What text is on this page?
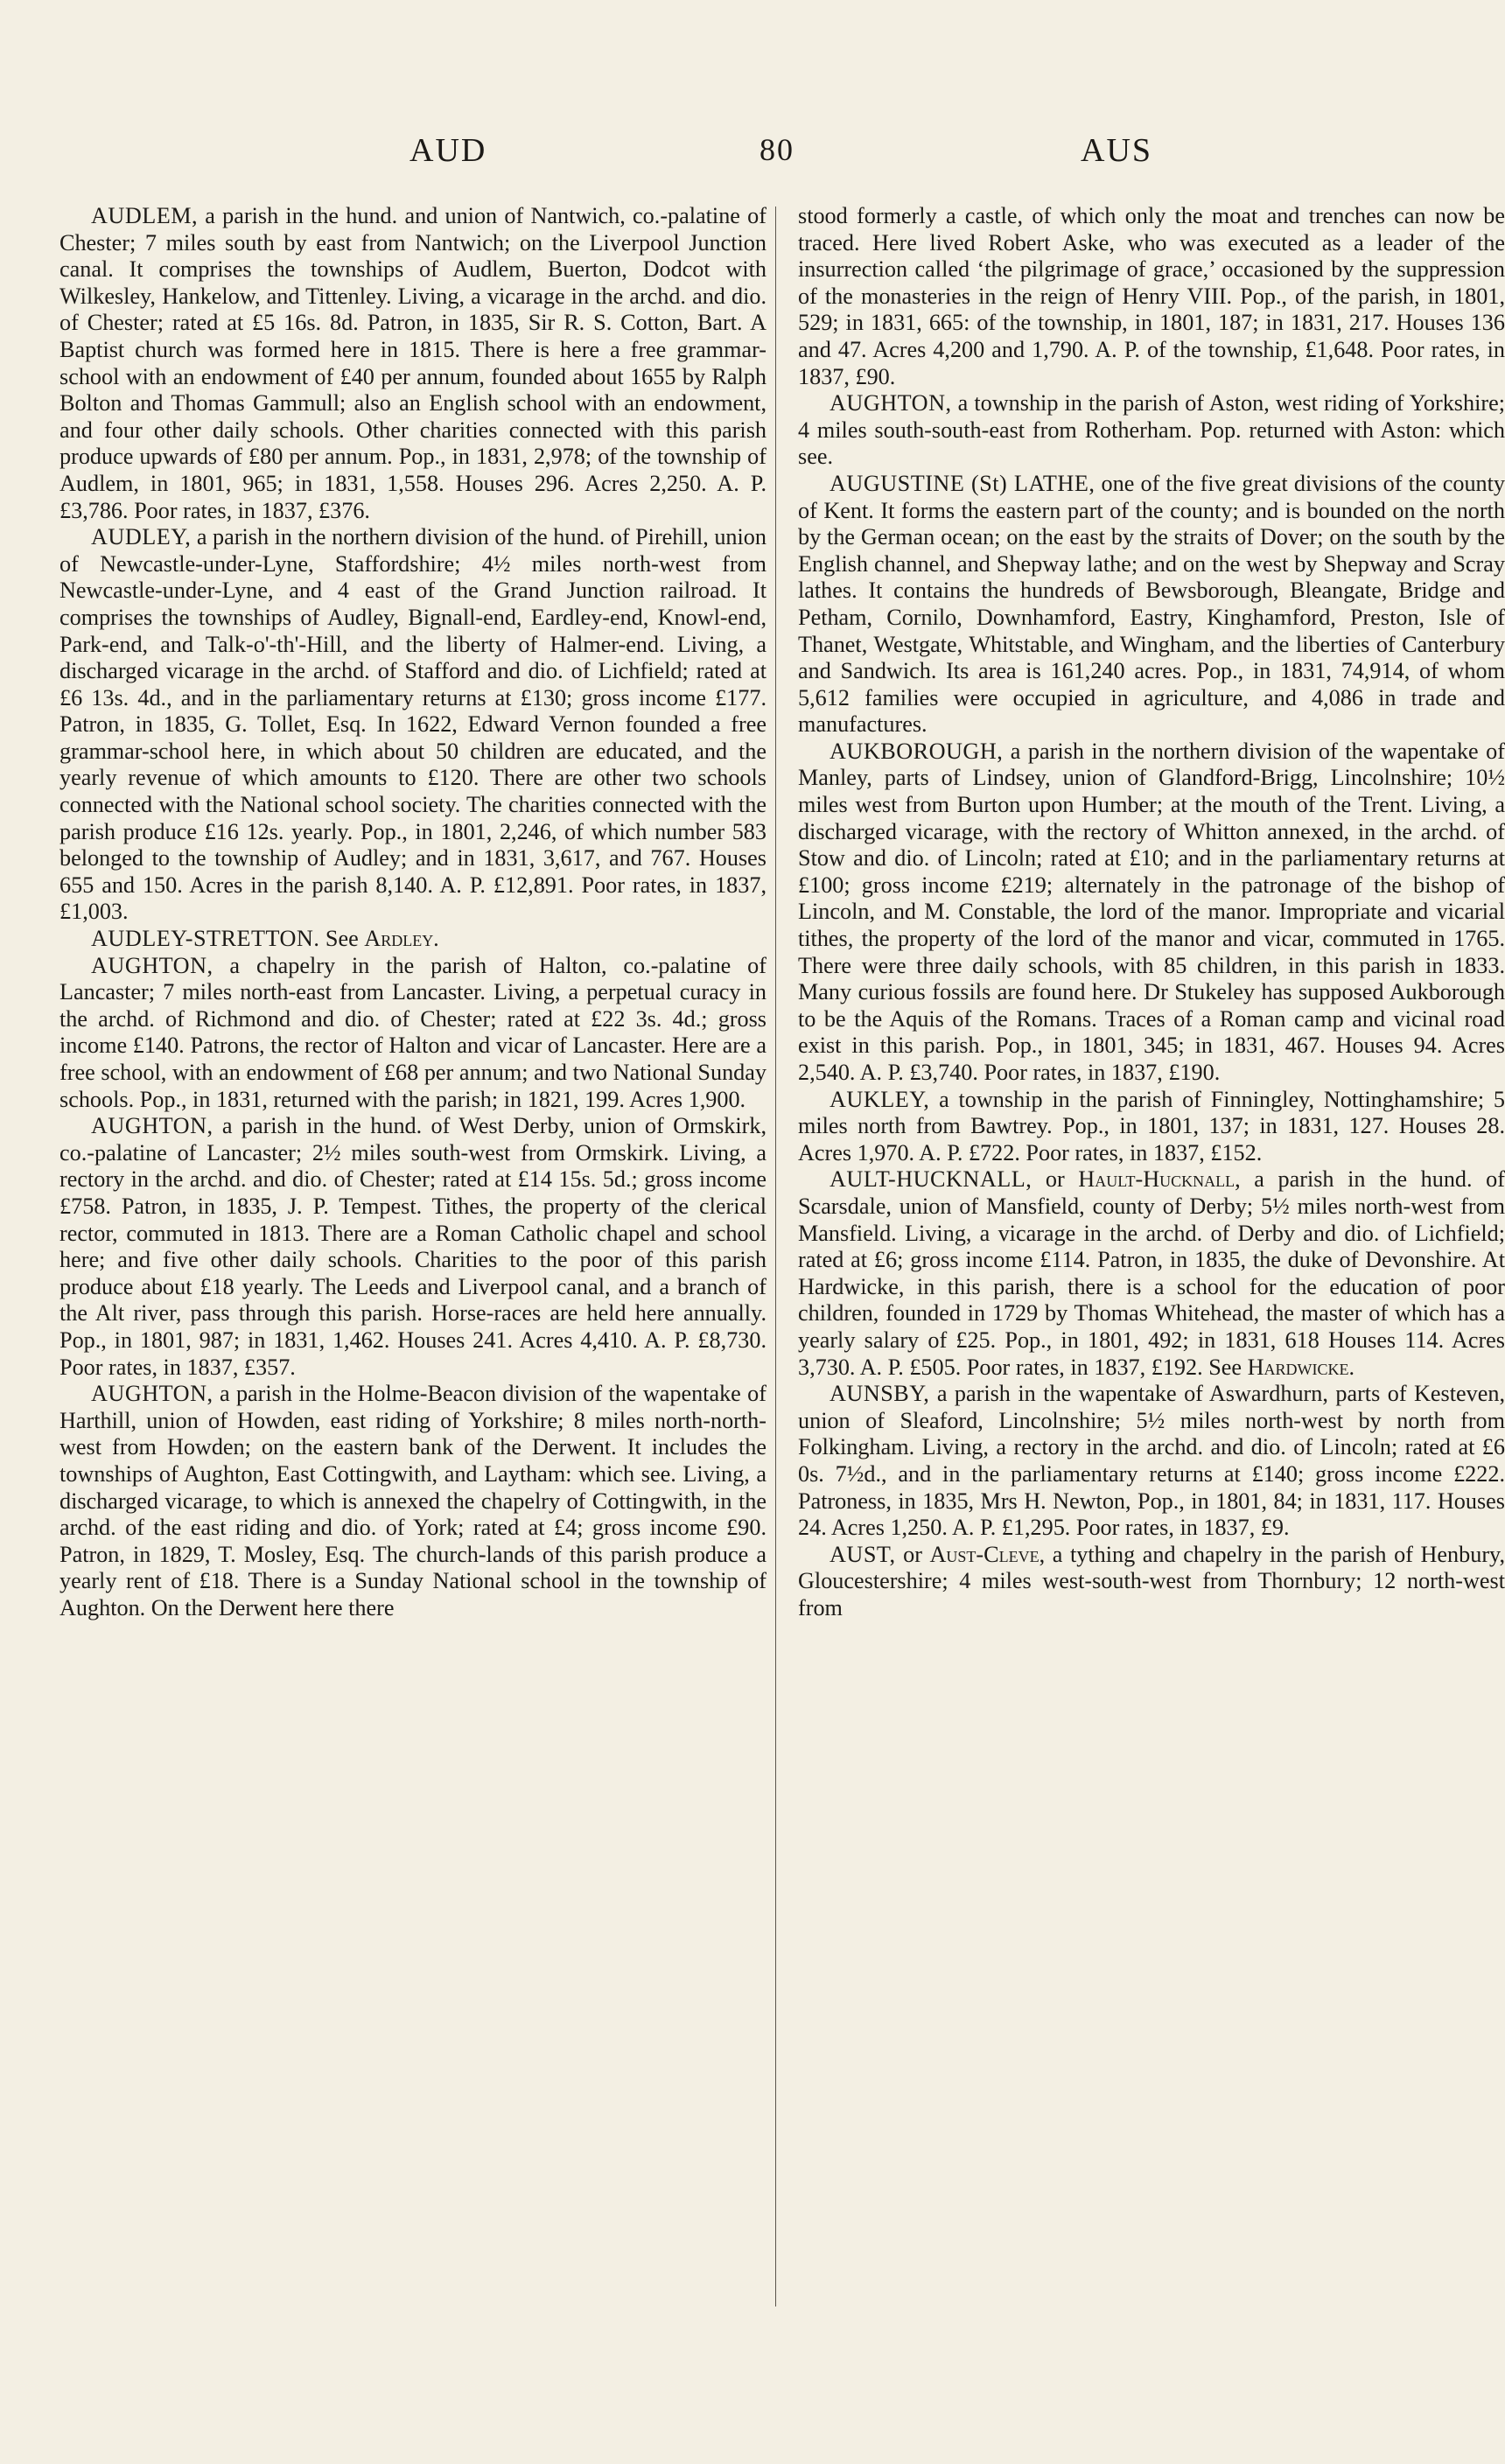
AUD	80	AUS

AUDLEM, a parish in the hund. and union of Nantwich, co.-palatine of Chester; 7 miles south by east from Nantwich; on the Liverpool Junction canal. It comprises the townships of Audlem, Buerton, Dodcot with Wilkesley, Hankelow, and Tittenley. Living, a vicarage in the archd. and dio. of Chester; rated at £5 16s. 8d. Patron, in 1835, Sir R. S. Cotton, Bart. A Baptist church was formed here in 1815. There is here a free grammar-school with an endowment of £40 per annum, founded about 1655 by Ralph Bolton and Thomas Gammull; also an English school with an endowment, and four other daily schools. Other charities connected with this parish produce upwards of £80 per annum. Pop., in 1831, 2,978; of the township of Audlem, in 1801, 965; in 1831, 1,558. Houses 296. Acres 2,250. A. P. £3,786. Poor rates, in 1837, £376.

AUDLEY, a parish in the northern division of the hund. of Pirehill, union of Newcastle-under-Lyne, Staffordshire; 4½ miles north-west from Newcastle-under-Lyne, and 4 east of the Grand Junction railroad. It comprises the townships of Audley, Bignall-end, Eardley-end, Knowl-end, Park-end, and Talk-o'-th'-Hill, and the liberty of Halmer-end. Living, a discharged vicarage in the archd. of Stafford and dio. of Lichfield; rated at £6 13s. 4d., and in the parliamentary returns at £130; gross income £177. Patron, in 1835, G. Tollet, Esq. In 1622, Edward Vernon founded a free grammar-school here, in which about 50 children are educated, and the yearly revenue of which amounts to £120. There are other two schools connected with the National school society. The charities connected with the parish produce £16 12s. yearly. Pop., in 1801, 2,246, of which number 583 belonged to the township of Audley; and in 1831, 3,617, and 767. Houses 655 and 150. Acres in the parish 8,140. A. P. £12,891. Poor rates, in 1837, £1,003.

AUDLEY-STRETTON. See Ardley.

AUGHTON, a chapelry in the parish of Halton, co.-palatine of Lancaster; 7 miles north-east from Lancaster. Living, a perpetual curacy in the archd. of Richmond and dio. of Chester; rated at £22 3s. 4d.; gross income £140. Patrons, the rector of Halton and vicar of Lancaster. Here are a free school, with an endowment of £68 per annum; and two National Sunday schools. Pop., in 1831, returned with the parish; in 1821, 199. Acres 1,900.

AUGHTON, a parish in the hund. of West Derby, union of Ormskirk, co.-palatine of Lancaster; 2½ miles south-west from Ormskirk. Living, a rectory in the archd. and dio. of Chester; rated at £14 15s. 5d.; gross income £758. Patron, in 1835, J. P. Tempest. Tithes, the property of the clerical rector, commuted in 1813. There are a Roman Catholic chapel and school here; and five other daily schools. Charities to the poor of this parish produce about £18 yearly. The Leeds and Liverpool canal, and a branch of the Alt river, pass through this parish. Horse-races are held here annually. Pop., in 1801, 987; in 1831, 1,462. Houses 241. Acres 4,410. A. P. £8,730. Poor rates, in 1837, £357.

AUGHTON, a parish in the Holme-Beacon division of the wapentake of Harthill, union of Howden, east riding of Yorkshire; 8 miles north-north-west from Howden; on the eastern bank of the Derwent. It includes the townships of Aughton, East Cottingwith, and Laytham: which see. Living, a discharged vicarage, to which is annexed the chapelry of Cottingwith, in the archd. of the east riding and dio. of York; rated at £4; gross income £90. Patron, in 1829, T. Mosley, Esq. The church-lands of this parish produce a yearly rent of £18. There is a Sunday National school in the township of Aughton. On the Derwent here there

stood formerly a castle, of which only the moat and trenches can now be traced. Here lived Robert Aske, who was executed as a leader of the insurrection called ‘the pilgrimage of grace,’ occasioned by the suppression of the monasteries in the reign of Henry VIII. Pop., of the parish, in 1801, 529; in 1831, 665: of the township, in 1801, 187; in 1831, 217. Houses 136 and 47. Acres 4,200 and 1,790. A. P. of the township, £1,648. Poor rates, in 1837, £90.

AUGHTON, a township in the parish of Aston, west riding of Yorkshire; 4 miles south-south-east from Rotherham. Pop. returned with Aston: which see.

AUGUSTINE (St) LATHE, one of the five great divisions of the county of Kent. It forms the eastern part of the county; and is bounded on the north by the German ocean; on the east by the straits of Dover; on the south by the English channel, and Shepway lathe; and on the west by Shepway and Scray lathes. It contains the hundreds of Bewsborough, Bleangate, Bridge and Petham, Cornilo, Downhamford, Eastry, Kinghamford, Preston, Isle of Thanet, Westgate, Whitstable, and Wingham, and the liberties of Canterbury and Sandwich. Its area is 161,240 acres. Pop., in 1831, 74,914, of whom 5,612 families were occupied in agriculture, and 4,086 in trade and manufactures.

AUKBOROUGH, a parish in the northern division of the wapentake of Manley, parts of Lindsey, union of Glandford-Brigg, Lincolnshire; 10½ miles west from Burton upon Humber; at the mouth of the Trent. Living, a discharged vicarage, with the rectory of Whitton annexed, in the archd. of Stow and dio. of Lincoln; rated at £10; and in the parliamentary returns at £100; gross income £219; alternately in the patronage of the bishop of Lincoln, and M. Constable, the lord of the manor. Impropriate and vicarial tithes, the property of the lord of the manor and vicar, commuted in 1765. There were three daily schools, with 85 children, in this parish in 1833. Many curious fossils are found here. Dr Stukeley has supposed Aukborough to be the Aquis of the Romans. Traces of a Roman camp and vicinal road exist in this parish. Pop., in 1801, 345; in 1831, 467. Houses 94. Acres 2,540. A. P. £3,740. Poor rates, in 1837, £190.

AUKLEY, a township in the parish of Finningley, Nottinghamshire; 5 miles north from Bawtrey. Pop., in 1801, 137; in 1831, 127. Houses 28. Acres 1,970. A. P. £722. Poor rates, in 1837, £152.

AULT-HUCKNALL, or Hault-Hucknall, a parish in the hund. of Scarsdale, union of Mansfield, county of Derby; 5½ miles north-west from Mansfield. Living, a vicarage in the archd. of Derby and dio. of Lichfield; rated at £6; gross income £114. Patron, in 1835, the duke of Devonshire. At Hardwicke, in this parish, there is a school for the education of poor children, founded in 1729 by Thomas Whitehead, the master of which has a yearly salary of £25. Pop., in 1801, 492; in 1831, 618 Houses 114. Acres 3,730. A. P. £505. Poor rates, in 1837, £192. See Hardwicke.

AUNSBY, a parish in the wapentake of Aswardhurn, parts of Kesteven, union of Sleaford, Lincolnshire; 5½ miles north-west by north from Folkingham. Living, a rectory in the archd. and dio. of Lincoln; rated at £6 0s. 7½d., and in the parliamentary returns at £140; gross income £222. Patroness, in 1835, Mrs H. Newton, Pop., in 1801, 84; in 1831, 117. Houses 24. Acres 1,250. A. P. £1,295. Poor rates, in 1837, £9.

AUST, or Aust-Cleve, a tything and chapelry in the parish of Henbury, Gloucestershire; 4 miles west-south-west from Thornbury; 12 north-west from
